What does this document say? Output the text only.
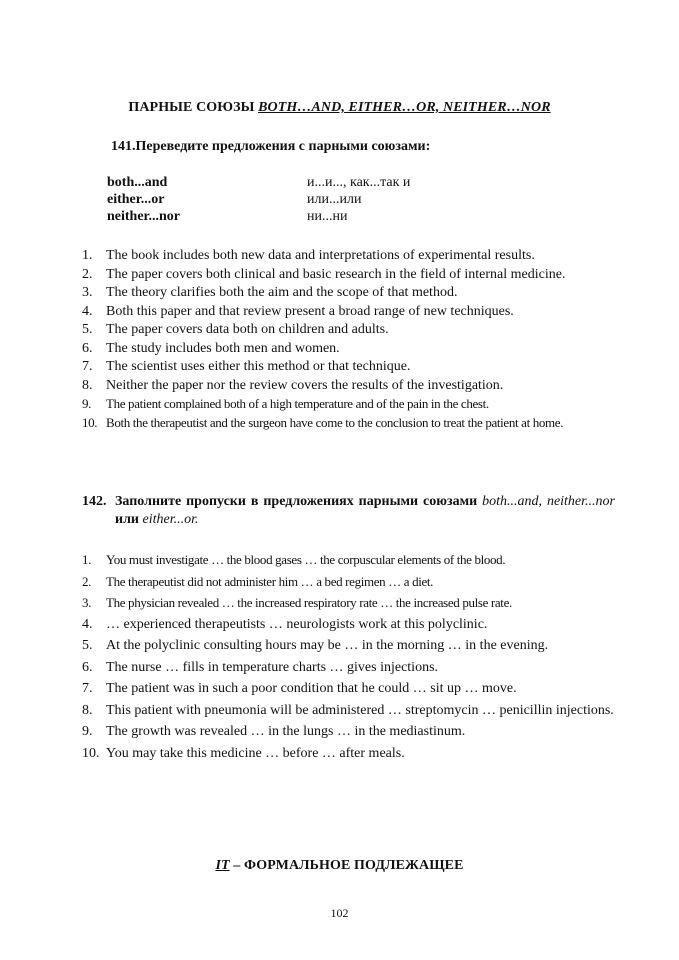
ПАРНЫЕ СОЮЗЫ BOTH…AND, EITHER…OR, NEITHER…NOR
141.Переведите предложения с парными союзами:
both...and	и...и..., как...так и
either...or	или...или
neither...nor	ни...ни
1. The book includes both new data and interpretations of experimental results.
2. The paper covers both clinical and basic research in the field of internal medicine.
3. The theory clarifies both the aim and the scope of that method.
4. Both this paper and that review present a broad range of new techniques.
5. The paper covers data both on children and adults.
6. The study includes both men and women.
7. The scientist uses either this method or that technique.
8. Neither the paper nor the review covers the results of the investigation.
9. The patient complained both of a high temperature and of the pain in the chest.
10. Both the therapeutist and the surgeon have come to the conclusion to treat the patient at home.
142. Заполните пропуски в предложениях парными союзами both...and, neither...nor или either...or.
1. You must investigate … the blood gases … the corpuscular elements of the blood.
2. The therapeutist did not administer him … a bed regimen … a diet.
3. The physician revealed … the increased respiratory rate … the increased pulse rate.
4. … experienced therapeutists … neurologists work at this polyclinic.
5. At the polyclinic consulting hours may be … in the morning … in the evening.
6. The nurse … fills in temperature charts … gives injections.
7. The patient was in such a poor condition that he could … sit up … move.
8. This patient with pneumonia will be administered … streptomycin … penicillin injections.
9. The growth was revealed … in the lungs … in the mediastinum.
10. You may take this medicine … before … after meals.
IT – ФОРМАЛЬНОЕ ПОДЛЕЖАЩЕЕ
102
